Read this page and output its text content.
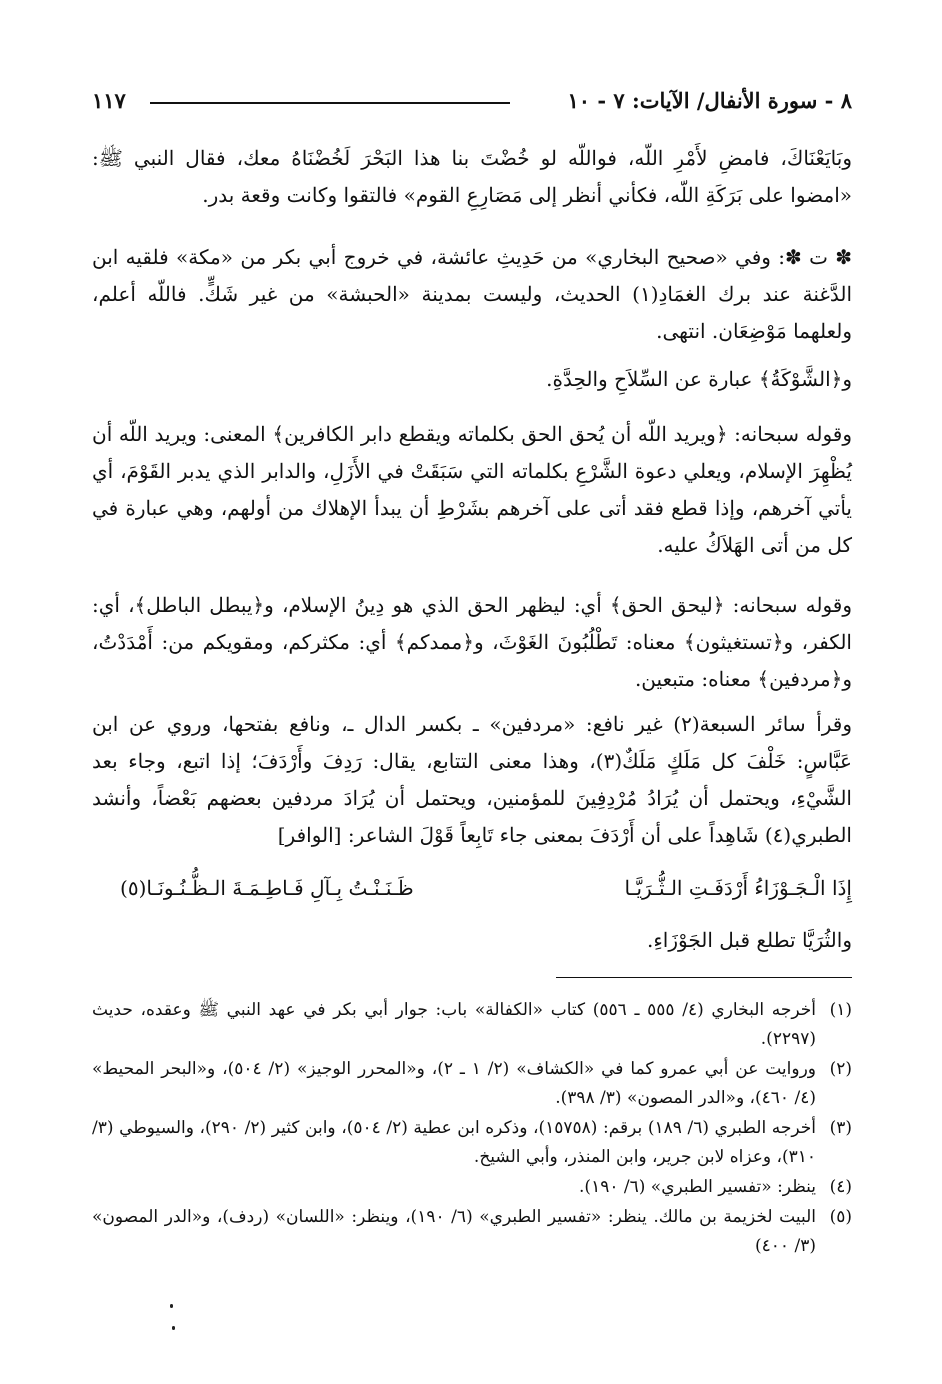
٨ - سورة الأنفال/ الآيات: ٧ - ١٠
١١٧
وبَايَعْنَاكَ، فامضِ لأَمْرِ اللّه، فواللّه لو خُضْتَ بنا هذا البَحْرَ لَخُضْنَاهُ معك، فقال النبي ﷺ: «امضوا على بَرَكَةِ اللّه، فكأني أنظر إلى مَصَارِعِ القوم» فالتقوا وكانت وقعة بدر.
✽ ت ✽: وفي «صحيح البخاري» من حَدِيثِ عائشة، في خروج أبي بكر من «مكة» فلقيه ابن الدَّغنة عند برك الغمَادِ(١) الحديث، وليست بمدينة «الحبشة» من غير شَكٍّ. فاللّه أعلم، ولعلهما مَوْضِعَان. انتهى.
و﴿الشَّوْكَةُ﴾ عبارة عن السِّلاَحِ والحِدَّةِ.
وقوله سبحانه: ﴿ويريد اللّه أن يُحق الحق بكلماته ويقطع دابر الكافرين﴾ المعنى: ويريد اللّه أن يُظْهِرَ الإسلام، ويعلي دعوة الشَّرْعِ بكلماته التي سَبَقَتْ في الأَزَلِ، والدابر الذي يدبر القَوْمَ، أي يأتي آخرهم، وإذا قطع فقد أتى على آخرهم بشَرْطِ أن يبدأ الإهلاك من أولهم، وهي عبارة في كل من أتى الهَلاَكُ عليه.
وقوله سبحانه: ﴿ليحق الحق﴾ أي: ليظهر الحق الذي هو دِينُ الإسلام، و﴿يبطل الباطل﴾، أي: الكفر، و﴿تستغيثون﴾ معناه: تَطْلُبُونَ الغَوْثَ، و﴿ممدكم﴾ أي: مكثركم، ومقويكم من: أَمْدَدْتُ، و﴿مردفين﴾ معناه: متبعين.
وقرأ سائر السبعة(٢) غير نافع: «مردفين» ـ بكسر الدال ـ، ونافع بفتحها، وروي عن ابن عَبَّاسٍ: خَلْفَ كل مَلَكٍ مَلَكٌ(٣)، وهذا معنى التتابع، يقال: رَدِفَ وأَرْدَفَ؛ إذا اتبع، وجاء بعد الشَّيْءِ، ويحتمل أن يُرَادُ مُرْدِفِينَ للمؤمنين، ويحتمل أن يُرَادَ مردفين بعضهم بَعْضاً، وأنشد الطبري(٤) شَاهِداً على أن أَرْدَفَ بمعنى جاء تَابِعاً قَوْلَ الشاعر: [الوافر]
إِذَا الْـجَـوْزَاءُ أَرْدَفَـتِ الـثُّـرَيَّـا
ظَـنَـنْـتُ بِـآلِ فَـاطِـمَـةَ الـظُّـنُـونَـا(٥)
والثُرَيَّا تطلع قبل الجَوْزَاءِ.
(١)
أخرجه البخاري (٤/ ٥٥٥ ـ ٥٥٦) كتاب «الكفالة» باب: جوار أبي بكر في عهد النبي ﷺ وعقده، حديث (٢٢٩٧).
(٢)
وروايت عن أبي عمرو كما في «الكشاف» (٢/ ١ ـ ٢)، و«المحرر الوجيز» (٢/ ٥٠٤)، و«البحر المحيط» (٤/ ٤٦٠)، و«الدر المصون» (٣/ ٣٩٨).
(٣)
أخرجه الطبري (٦/ ١٨٩) برقم: (١٥٧٥٨)، وذكره ابن عطية (٢/ ٥٠٤)، وابن كثير (٢/ ٢٩٠)، والسيوطي (٣/ ٣١٠)، وعزاه لابن جرير، وابن المنذر، وأبي الشيخ.
(٤)
ينظر: «تفسير الطبري» (٦/ ١٩٠).
(٥)
البيت لخزيمة بن مالك. ينظر: «تفسير الطبري» (٦/ ١٩٠)، وينظر: «اللسان» (ردف)، و«الدر المصون» (٣/ ٤٠٠)
